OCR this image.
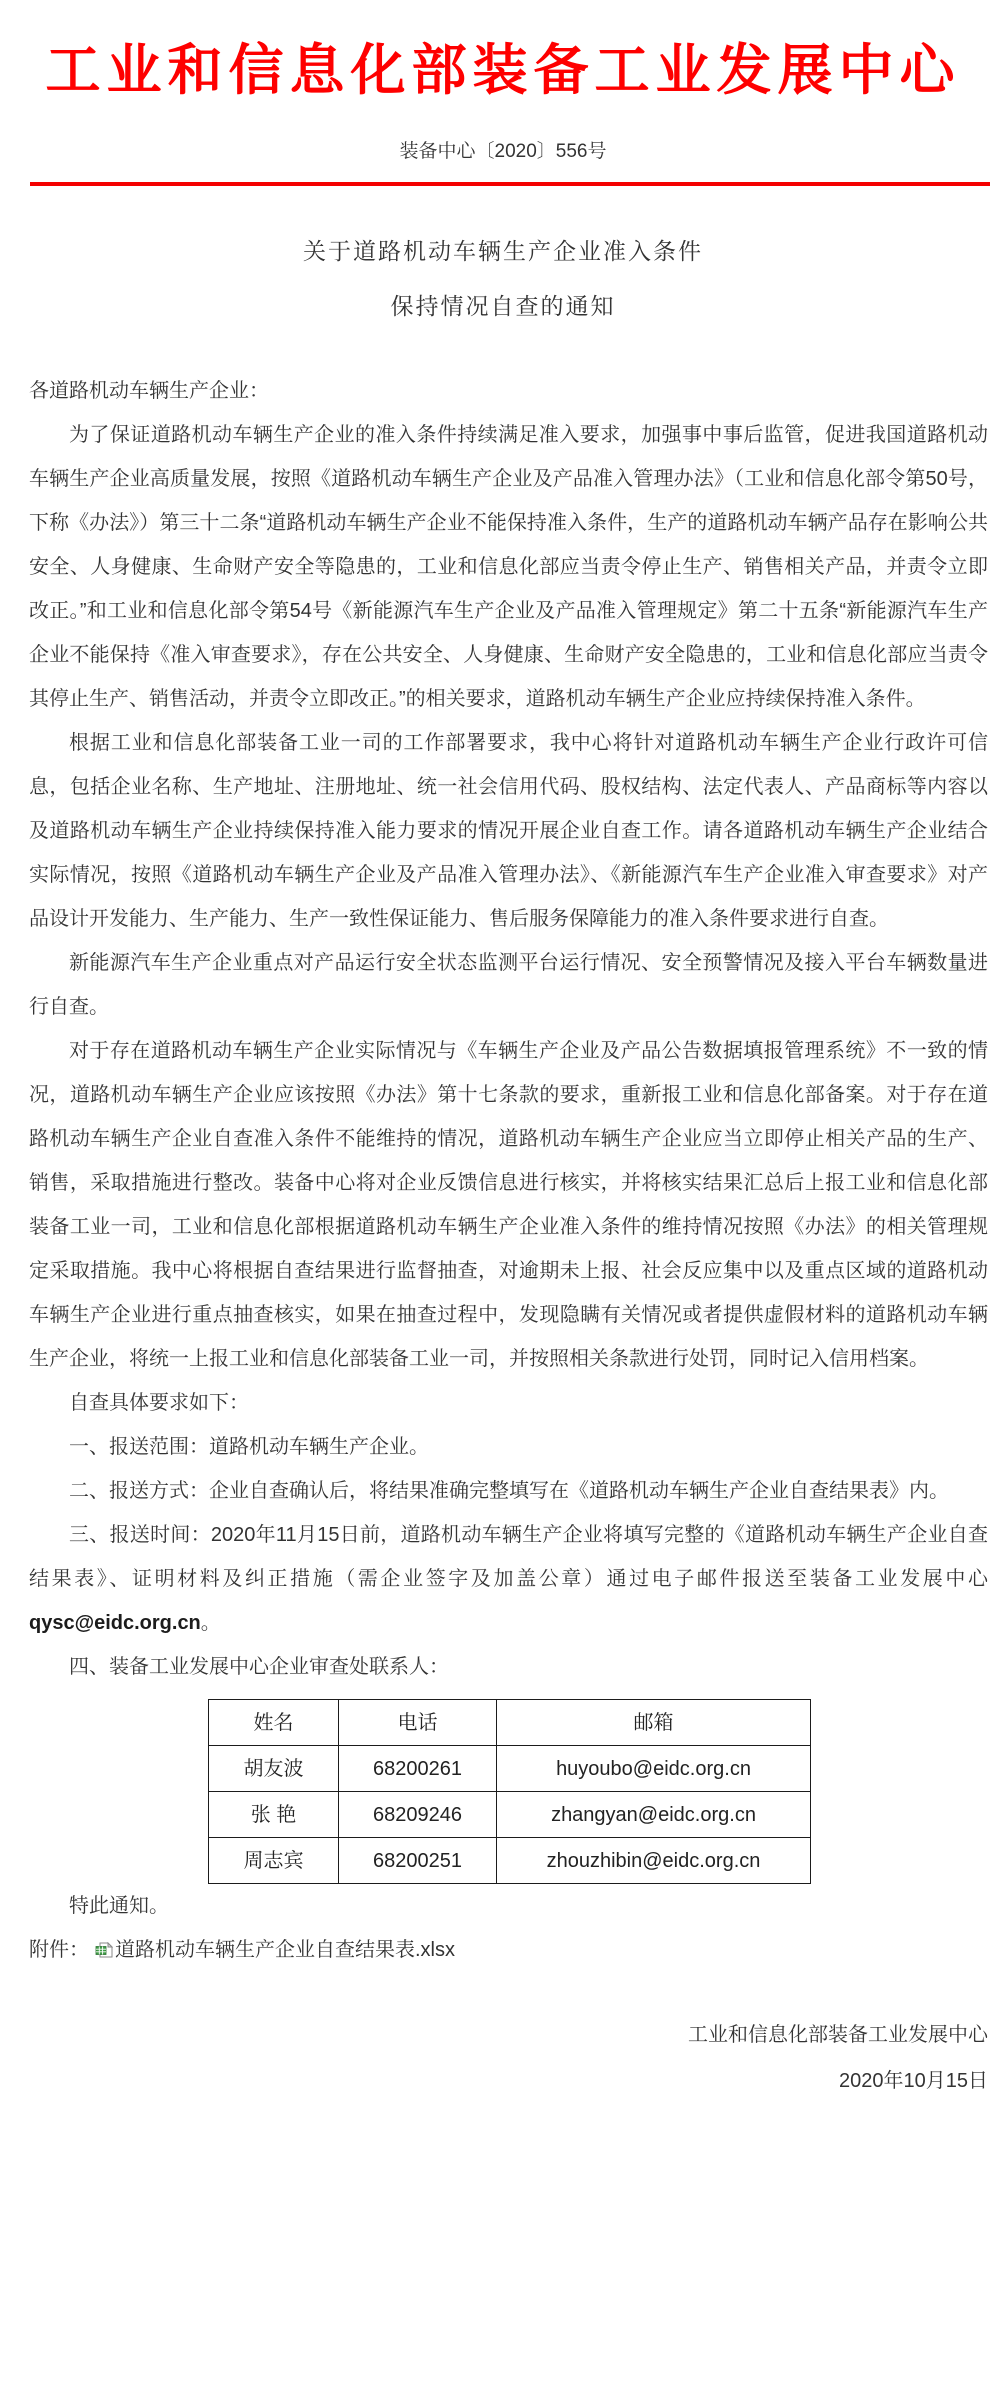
工业和信息化部装备工业发展中心
装备中心〔2020〕556号
关于道路机动车辆生产企业准入条件
保持情况自查的通知

各道路机动车辆生产企业：

为了保证道路机动车辆生产企业的准入条件持续满足准入要求，加强事中事后监管，促进我国道路机动车辆生产企业高质量发展，按照《道路机动车辆生产企业及产品准入管理办法》（工业和信息化部令第50号，下称《办法》）第三十二条“道路机动车辆生产企业不能保持准入条件，生产的道路机动车辆产品存在影响公共安全、人身健康、生命财产安全等隐患的，工业和信息化部应当责令停止生产、销售相关产品，并责令立即改正。”和工业和信息化部令第54号《新能源汽车生产企业及产品准入管理规定》第二十五条“新能源汽车生产企业不能保持《准入审查要求》，存在公共安全、人身健康、生命财产安全隐患的，工业和信息化部应当责令其停止生产、销售活动，并责令立即改正。”的相关要求，道路机动车辆生产企业应持续保持准入条件。

根据工业和信息化部装备工业一司的工作部署要求，我中心将针对道路机动车辆生产企业行政许可信息，包括企业名称、生产地址、注册地址、统一社会信用代码、股权结构、法定代表人、产品商标等内容以及道路机动车辆生产企业持续保持准入能力要求的情况开展企业自查工作。请各道路机动车辆生产企业结合实际情况，按照《道路机动车辆生产企业及产品准入管理办法》、《新能源汽车生产企业准入审查要求》对产品设计开发能力、生产能力、生产一致性保证能力、售后服务保障能力的准入条件要求进行自查。

新能源汽车生产企业重点对产品运行安全状态监测平台运行情况、安全预警情况及接入平台车辆数量进行自查。

对于存在道路机动车辆生产企业实际情况与《车辆生产企业及产品公告数据填报管理系统》不一致的情况，道路机动车辆生产企业应该按照《办法》第十七条款的要求，重新报工业和信息化部备案。对于存在道路机动车辆生产企业自查准入条件不能维持的情况，道路机动车辆生产企业应当立即停止相关产品的生产、销售，采取措施进行整改。装备中心将对企业反馈信息进行核实，并将核实结果汇总后上报工业和信息化部装备工业一司，工业和信息化部根据道路机动车辆生产企业准入条件的维持情况按照《办法》的相关管理规定采取措施。我中心将根据自查结果进行监督抽查，对逾期未上报、社会反应集中以及重点区域的道路机动车辆生产企业进行重点抽查核实，如果在抽查过程中，发现隐瞒有关情况或者提供虚假材料的道路机动车辆生产企业，将统一上报工业和信息化部装备工业一司，并按照相关条款进行处罚，同时记入信用档案。

自查具体要求如下：

一、报送范围：道路机动车辆生产企业。

二、报送方式：企业自查确认后，将结果准确完整填写在《道路机动车辆生产企业自查结果表》内。

三、报送时间：2020年11月15日前，道路机动车辆生产企业将填写完整的《道路机动车辆生产企业自查结果表》、证明材料及纠正措施（需企业签字及加盖公章）通过电子邮件报送至装备工业发展中心qysc@eidc.org.cn。

四、装备工业发展中心企业审查处联系人：

姓名	电话	邮箱
胡友波	68200261	huyoubo@eidc.org.cn
张 艳	68209246	zhangyan@eidc.org.cn
周志宾	68200251	zhouzhibin@eidc.org.cn

特此通知。

附件： 道路机动车辆生产企业自查结果表.xlsx

工业和信息化部装备工业发展中心
2020年10月15日
